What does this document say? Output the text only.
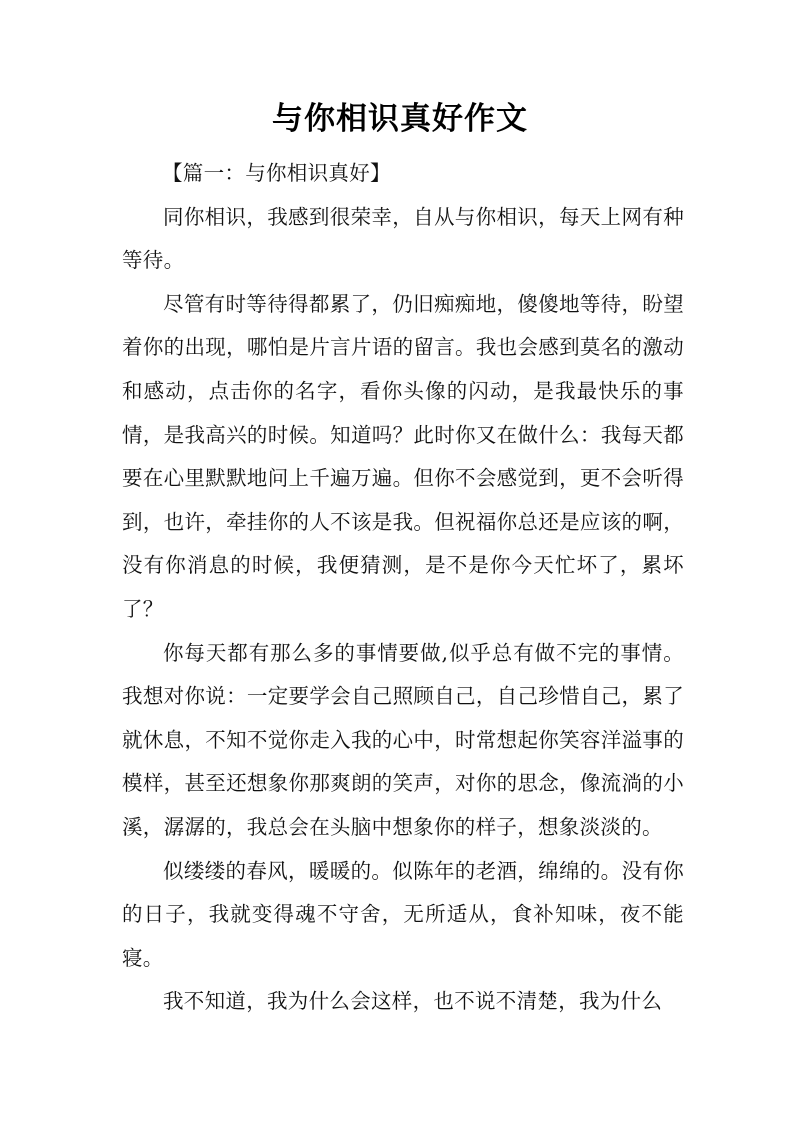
与你相识真好作文

【篇一：与你相识真好】

同你相识，我感到很荣幸，自从与你相识，每天上网有种等待。

尽管有时等待得都累了，仍旧痴痴地，傻傻地等待，盼望着你的出现，哪怕是片言片语的留言。我也会感到莫名的激动和感动，点击你的名字，看你头像的闪动，是我最快乐的事情，是我高兴的时候。知道吗？此时你又在做什么：我每天都要在心里默默地问上千遍万遍。但你不会感觉到，更不会听得到，也许，牵挂你的人不该是我。但祝福你总还是应该的啊，没有你消息的时候，我便猜测，是不是你今天忙坏了，累坏了？

你每天都有那么多的事情要做,似乎总有做不完的事情。我想对你说：一定要学会自己照顾自己，自己珍惜自己，累了就休息，不知不觉你走入我的心中，时常想起你笑容洋溢事的模样，甚至还想象你那爽朗的笑声，对你的思念，像流淌的小溪，潺潺的，我总会在头脑中想象你的样子，想象淡淡的。

似缕缕的春风，暖暖的。似陈年的老酒，绵绵的。没有你的日子，我就变得魂不守舍，无所适从，食补知味，夜不能寝。

我不知道，我为什么会这样，也不说不清楚，我为什么
